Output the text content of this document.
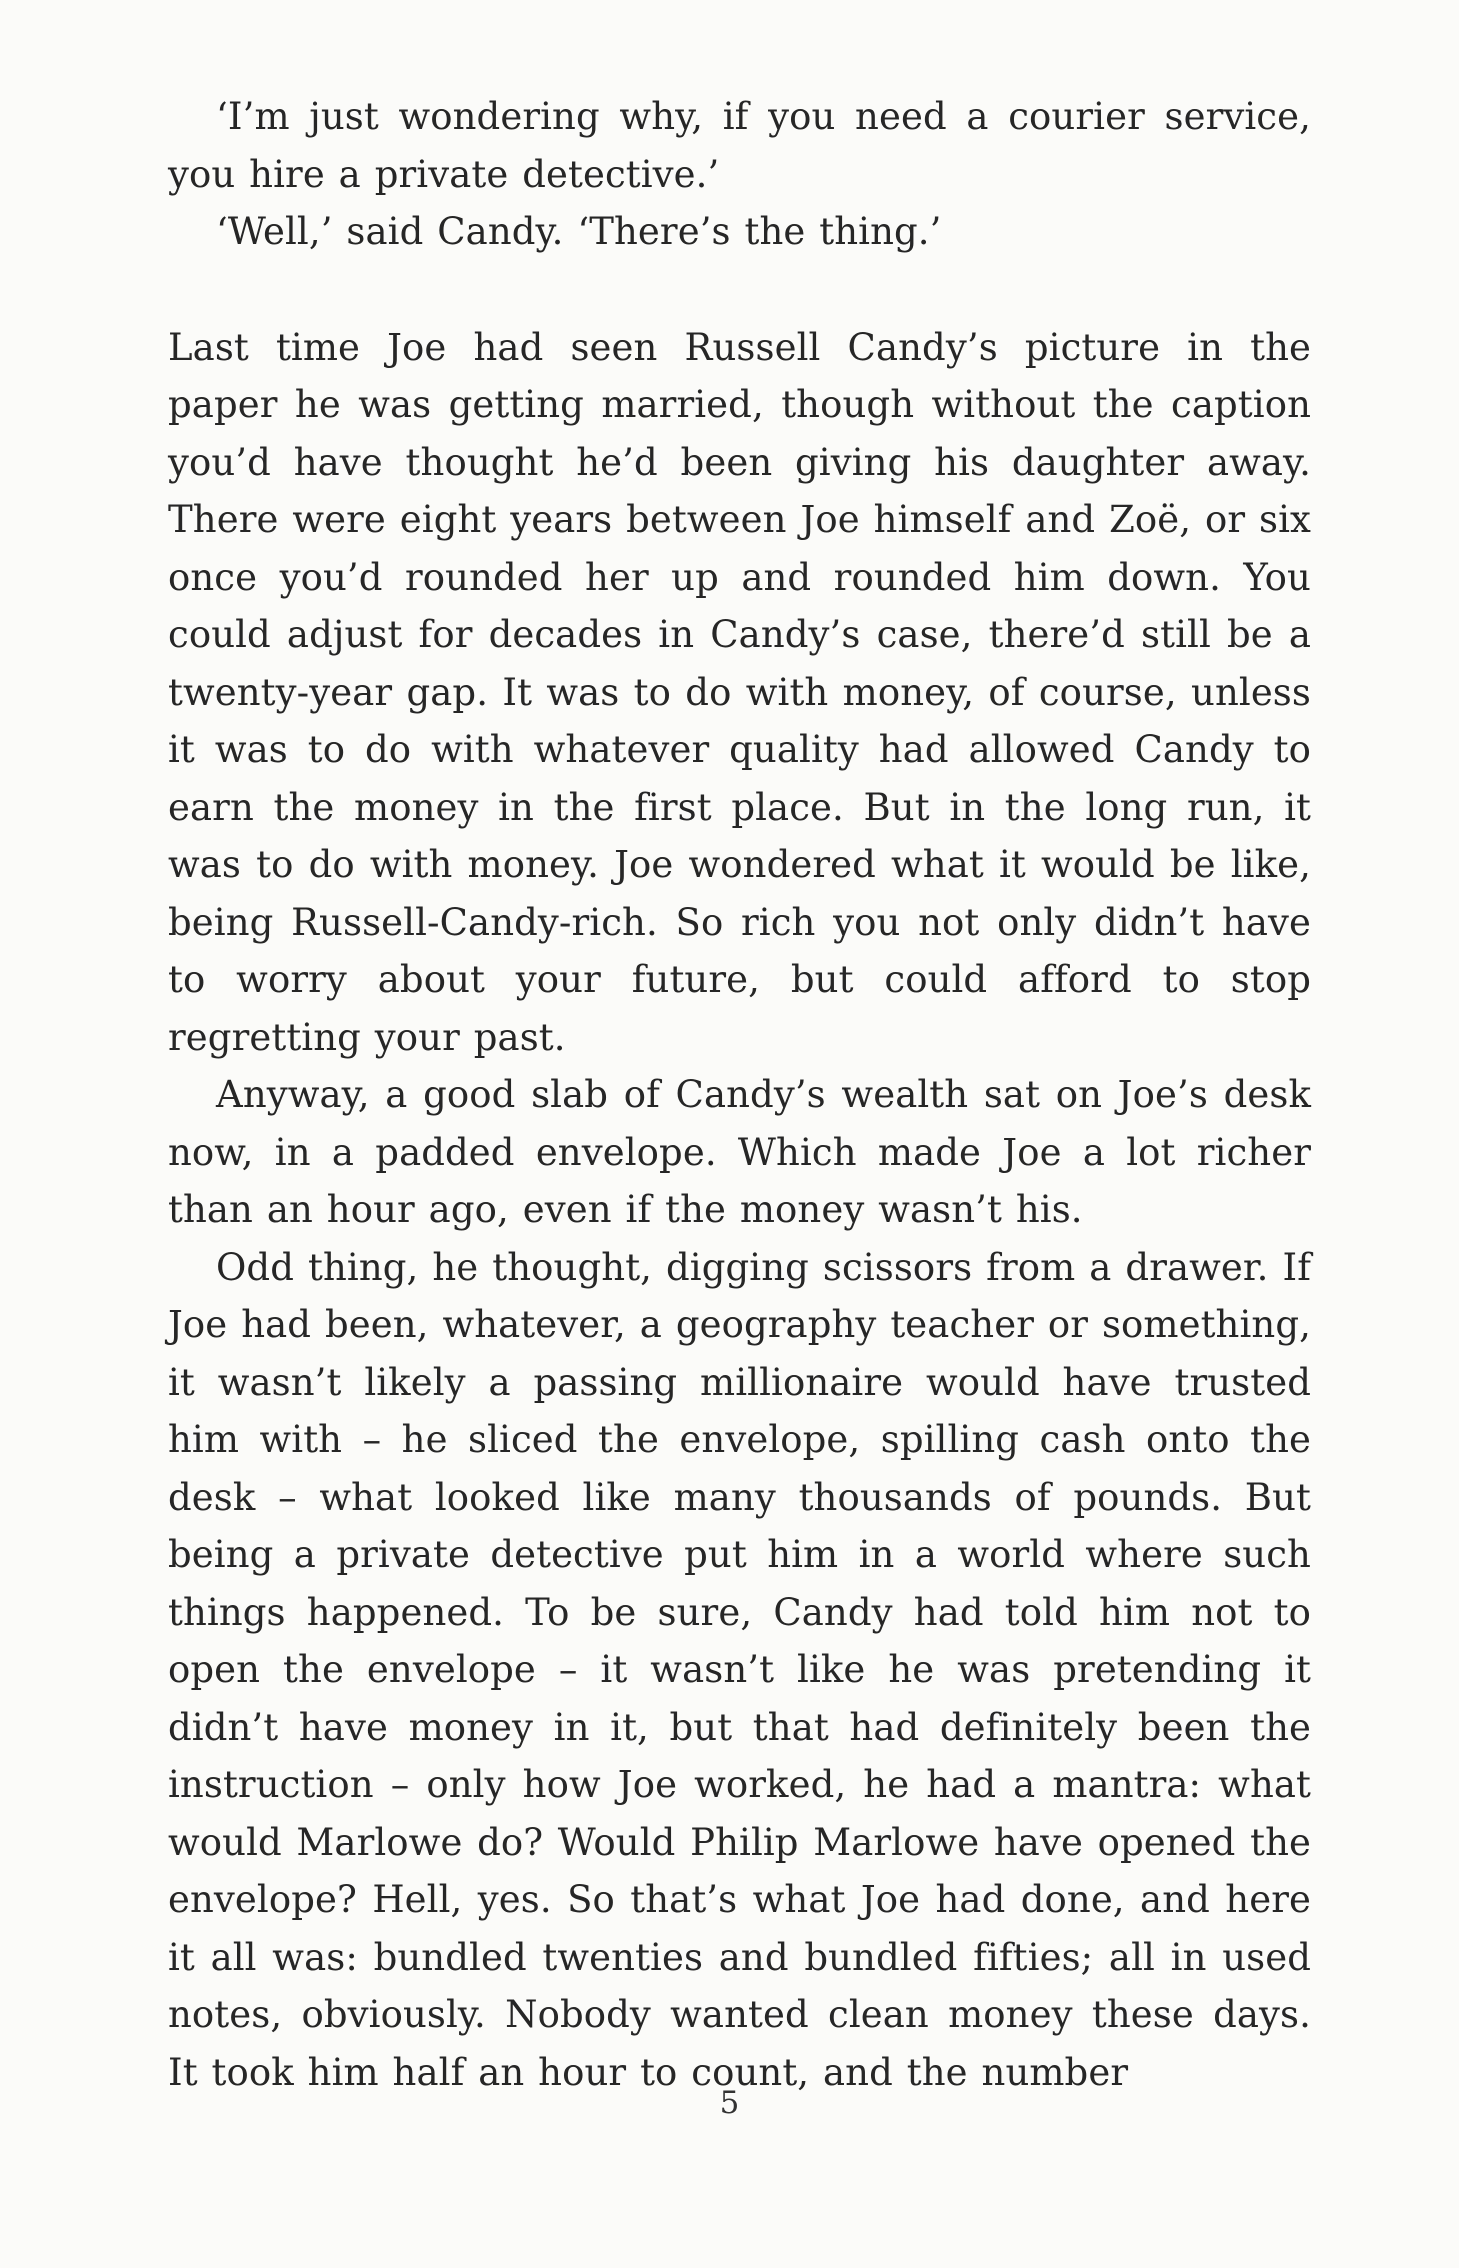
‘I’m just wondering why, if you need a courier service, you hire a private detective.’

‘Well,’ said Candy. ‘There’s the thing.’

Last time Joe had seen Russell Candy’s picture in the paper he was getting married, though without the caption you’d have thought he’d been giving his daughter away. There were eight years between Joe himself and Zoë, or six once you’d rounded her up and rounded him down. You could adjust for decades in Candy’s case, there’d still be a twenty-year gap. It was to do with money, of course, unless it was to do with whatever quality had allowed Candy to earn the money in the first place. But in the long run, it was to do with money. Joe wondered what it would be like, being Russell-Candy-rich. So rich you not only didn’t have to worry about your future, but could afford to stop regretting your past.

Anyway, a good slab of Candy’s wealth sat on Joe’s desk now, in a padded envelope. Which made Joe a lot richer than an hour ago, even if the money wasn’t his.

Odd thing, he thought, digging scissors from a drawer. If Joe had been, whatever, a geography teacher or something, it wasn’t likely a passing millionaire would have trusted him with – he sliced the envelope, spilling cash onto the desk – what looked like many thousands of pounds. But being a private detective put him in a world where such things happened. To be sure, Candy had told him not to open the envelope – it wasn’t like he was pretending it didn’t have money in it, but that had definitely been the instruction – only how Joe worked, he had a mantra: what would Marlowe do? Would Philip Marlowe have opened the envelope? Hell, yes. So that’s what Joe had done, and here it all was: bundled twenties and bundled fifties; all in used notes, obviously. Nobody wanted clean money these days. It took him half an hour to count, and the number

5
